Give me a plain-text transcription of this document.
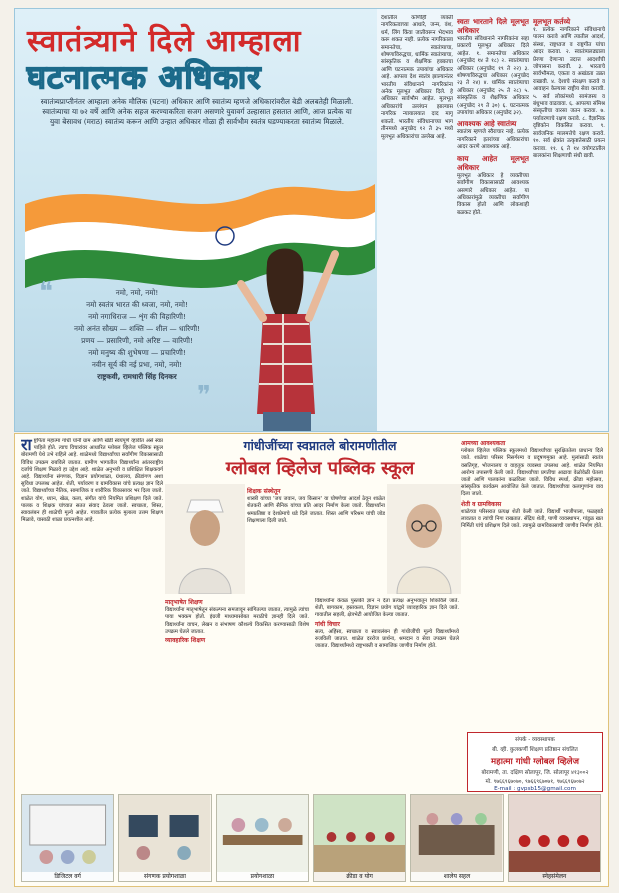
स्वातंत्र्याने दिले आम्हाला
घटनात्मक अधिकार
स्वातंत्र्यप्राप्तीनंतर आम्हाला अनेक मौलिक (घटना) अधिकार आणि स्वातंत्र्य म्हणजे अधिकारांवरील बेडी अलबतेही मिळाली. स्वातंत्र्याचा या ७२ वर्षे आणि अनेक सहज करण्याकरिता सजग असणारे युवावर्ग उल्हासात हसतात आणि, आज प्रत्येक या युवा बेसावध (मराठ) स्वातंत्र्य करून आणि उन्हात अधिकार गोळा ही सार्वभौम स्वतंत्र घडण्याकरता स्वातंत्र्य मिळाले.
❝	नमो, नमो, नमो!
नमो स्वतंत्र भारत की ध्वजा, नमो, नमो!
नमो नगाधिराज — शृंग की विहारिणी!
नमो अनंत सौख्य — शक्ति — शील — धारिणी!
प्रणय — प्रसारिणी, नमो अरिष्ट — वारिणी!
नमो मनुष्य की शुभेषणा — प्रचारिणी!
नवीन सूर्य की नई प्रभा, नमो, नमो!
राष्ट्रकवी, रामधारी सिंह दिनकर
❞

देशातील कोणीही व्यक्ती नागरिकत्वाच्या आधारे, जन्म, वंश, धर्म, लिंग किंवा जातीवरून भेदभाव करू शकत नाही. प्रत्येक नागरिकाला समानतेचा, स्वातंत्र्याचा, शोषणाविरुद्धचा, धार्मिक स्वातंत्र्याचा, सांस्कृतिक व शैक्षणिक हक्काचा आणि घटनात्मक उपायांचा अधिकार आहे. आपला देश स्वतंत्र झाल्यानंतर भारतीय संविधानाने नागरिकांना अनेक मूलभूत अधिकार दिले. हे अधिकार सार्वभौम आहेत. मूलभूत अधिकारांचे उल्लंघन झाल्यास नागरिक न्यायालयात दाद मागू शकतो. भारतीय संविधानाच्या भाग तीनमध्ये अनुच्छेद १२ ते ३५ मध्ये मूलभूत अधिकारांचा उल्लेख आहे.

स्वतः भारताने दिले मूलभूत अधिकार

भारतीय संविधानाने नागरिकांना सहा प्रकारचे मूलभूत अधिकार दिले आहेत. १. समानतेचा अधिकार (अनुच्छेद १४ ते १८) २. स्वातंत्र्याचा अधिकार (अनुच्छेद १९ ते २२) ३. शोषणाविरुद्धचा अधिकार (अनुच्छेद २३ ते २४) ४. धार्मिक स्वातंत्र्याचा अधिकार (अनुच्छेद २५ ते २८) ५. सांस्कृतिक व शैक्षणिक अधिकार (अनुच्छेद २९ ते ३०) ६. घटनात्मक उपायांचा अधिकार (अनुच्छेद ३२).

आवश्यक आहे स्वातंत्र्य

स्वातंत्र्य म्हणजे स्वैराचार नव्हे. प्रत्येक नागरिकाने इतरांच्या अधिकारांचा आदर करणे आवश्यक आहे.

काय आहेत मूलभूत अधिकार

मूलभूत अधिकार हे व्यक्तीच्या सर्वांगीण विकासासाठी आवश्यक असणारे अधिकार आहेत. या अधिकारांमुळे व्यक्तीचा सर्वांगीण विकास होतो आणि लोकशाही बळकट होते.

मूलभूत कर्तव्ये

१. प्रत्येक नागरिकाने संविधानाचे पालन करावे आणि त्यातील आदर्श, संस्था, राष्ट्रध्वज व राष्ट्रगीत यांचा आदर करावा. २. स्वातंत्र्यलढ्याला प्रेरणा देणाऱ्या उदात्त आदर्शांची जोपासना करावी. ३. भारताचे सार्वभौमत्व, एकता व अखंडता उन्नत राखावी. ४. देशाचे संरक्षण करावे व आवाहन केल्यास राष्ट्रीय सेवा करावी. ५. सर्व लोकांमध्ये सामंजस्य व बंधुभाव वाढवावा. ६. आपल्या संमिश्र संस्कृतीचा वारसा जतन करावा. ७. पर्यावरणाचे रक्षण करावे. ८. वैज्ञानिक दृष्टिकोन विकसित करावा. ९. सार्वजनिक मालमत्तेचे रक्षण करावे. १०. सर्व क्षेत्रांत उत्कृष्टतेसाठी प्रयत्न करावा. ११. ६ ते १४ वयोगटातील बालकांना शिक्षणाची संधी द्यावी.

रा ष्ट्रपिता महात्मा गांधी यांनी ग्राम आणि खेडी स्वयंपूर्ण व्हावीत असे स्वप्न पाहिले होते. त्याच विचारांवर आधारित ग्लोबल व्हिलेज पब्लिक स्कूल बोरामणी येथे उभे राहिले आहे. शाळेमध्ये विद्यार्थ्यांच्या सर्वांगीण विकासासाठी विविध उपक्रम राबविले जातात. ग्रामीण भागातील विद्यार्थ्यांना आंतरराष्ट्रीय दर्जाचे शिक्षण मिळावे हा उद्देश आहे. शाळेत अनुभवी व प्रशिक्षित शिक्षकवर्ग आहे. विद्यार्थ्यांना संगणक, विज्ञान प्रयोगशाळा, ग्रंथालय, क्रीडांगण अशा सुविधा उपलब्ध आहेत. शेती, पर्यावरण व ग्रामविकास यांचे प्रत्यक्ष ज्ञान दिले जाते. विद्यार्थ्यांच्या नैतिक, सामाजिक व शारीरिक विकासावर भर दिला जातो. शाळेत योग, ध्यान, खेळ, कला, संगीत यांचे नियमित प्रशिक्षण दिले जाते. पालक व शिक्षक यांच्यात सतत संवाद ठेवला जातो. स्वच्छता, शिस्त, स्वावलंबन ही शाळेची मूल्ये आहेत. गावातील प्रत्येक मुलाला उत्तम शिक्षण मिळावे, यासाठी शाळा प्रयत्नशील आहे.
गांधीजींच्या स्वप्नातले बोरामणीतील
ग्लोबल व्हिलेज पब्लिक स्कूल
शिक्षक संस्थेतून
शास्त्री यांच्या 'जय जवान, जय किसान' या घोषणेचा आदर्श ठेवून शाळेत शेतकरी आणि सैनिक यांच्या प्रति आदर निर्माण केला जातो. विद्यार्थ्यांना श्रमप्रतिष्ठा व देशप्रेमाचे धडे दिले जातात. शिस्त आणि परिश्रम यांची जोड शिक्षणाला दिली जाते.
मातृभाषेत शिक्षण
विद्यार्थ्यांना मातृभाषेतून संकल्पना समजावून सांगितल्या जातात, त्यामुळे त्यांचा पाया भक्कम होतो. इंग्रजी माध्यमासोबत मराठीचे ज्ञानही दिले जाते. विद्यार्थ्यांना वाचन, लेखन व संभाषण कौशल्ये विकसित करण्यासाठी विशेष उपक्रम घेतले जातात.
व्यावहारिक शिक्षण
विद्यार्थ्यांना केवळ पुस्तकी ज्ञान न देता प्रत्यक्ष अनुभवातून शिकविले जाते. शेती, बागकाम, हस्तकला, विज्ञान प्रयोग यांद्वारे व्यावहारिक ज्ञान दिले जाते. गावातील सहली, क्षेत्रभेटी आयोजित केल्या जातात.
गांधी विचार
सत्य, अहिंसा, स्वच्छता व स्वावलंबन ही गांधीजींची मूल्ये विद्यार्थ्यांमध्ये रुजविली जातात. शाळेत दररोज प्रार्थना, श्रमदान व सेवा उपक्रम घेतले जातात. विद्यार्थ्यांमध्ये राष्ट्रभक्ती व सामाजिक जाणीव निर्माण होते.
आमच्या आवश्यकता
ग्लोबल व्हिलेज पब्लिक स्कूलमध्ये विद्यार्थ्यांच्या सुरक्षिततेला प्राधान्य दिले जाते. शाळेचा परिसर निसर्गरम्य व प्रदूषणमुक्त आहे. मुलांसाठी स्वतंत्र वसतिगृह, भोजनालय व वाहतूक व्यवस्था उपलब्ध आहे. शाळेत नियमित आरोग्य तपासणी केली जाते. विद्यार्थ्यांच्या प्रगतीचा आढावा वेळोवेळी घेतला जातो आणि पालकांना कळविला जातो. विविध स्पर्धा, क्रीडा महोत्सव, सांस्कृतिक कार्यक्रम आयोजित केले जातात. विद्यार्थ्यांच्या कलागुणांना वाव दिला जातो.
शेती व ग्रामविकास
शाळेच्या परिसरात प्रत्यक्ष शेती केली जाते. विद्यार्थी भाजीपाला, फळझाडे लावतात व त्यांची निगा राखतात. सेंद्रिय शेती, पाणी व्यवस्थापन, गांडूळ खत निर्मिती यांचे प्रशिक्षण दिले जाते. त्यामुळे ग्रामविकासाची जाणीव निर्माण होते.
संपर्क - व्यवस्थापक
बी. व्ही. कुलकर्णी शिक्षण प्रतिष्ठान संचलित
महात्मा गांधी ग्लोबल व्हिलेज
बोरामणी, ता. दक्षिण सोलापूर, जि. सोलापूर ४१३००२
मो. ९७६६९६७०७०, ९७६६९६७०७१, ९७६६९६७०७२
E-mail : gvpsb15@gmail.com
डिजिटल वर्ग	संगणक प्रयोगशाळा	प्रयोगशाळा	क्रीडा व योग	शालेय सहल	स्नेहसंमेलन
